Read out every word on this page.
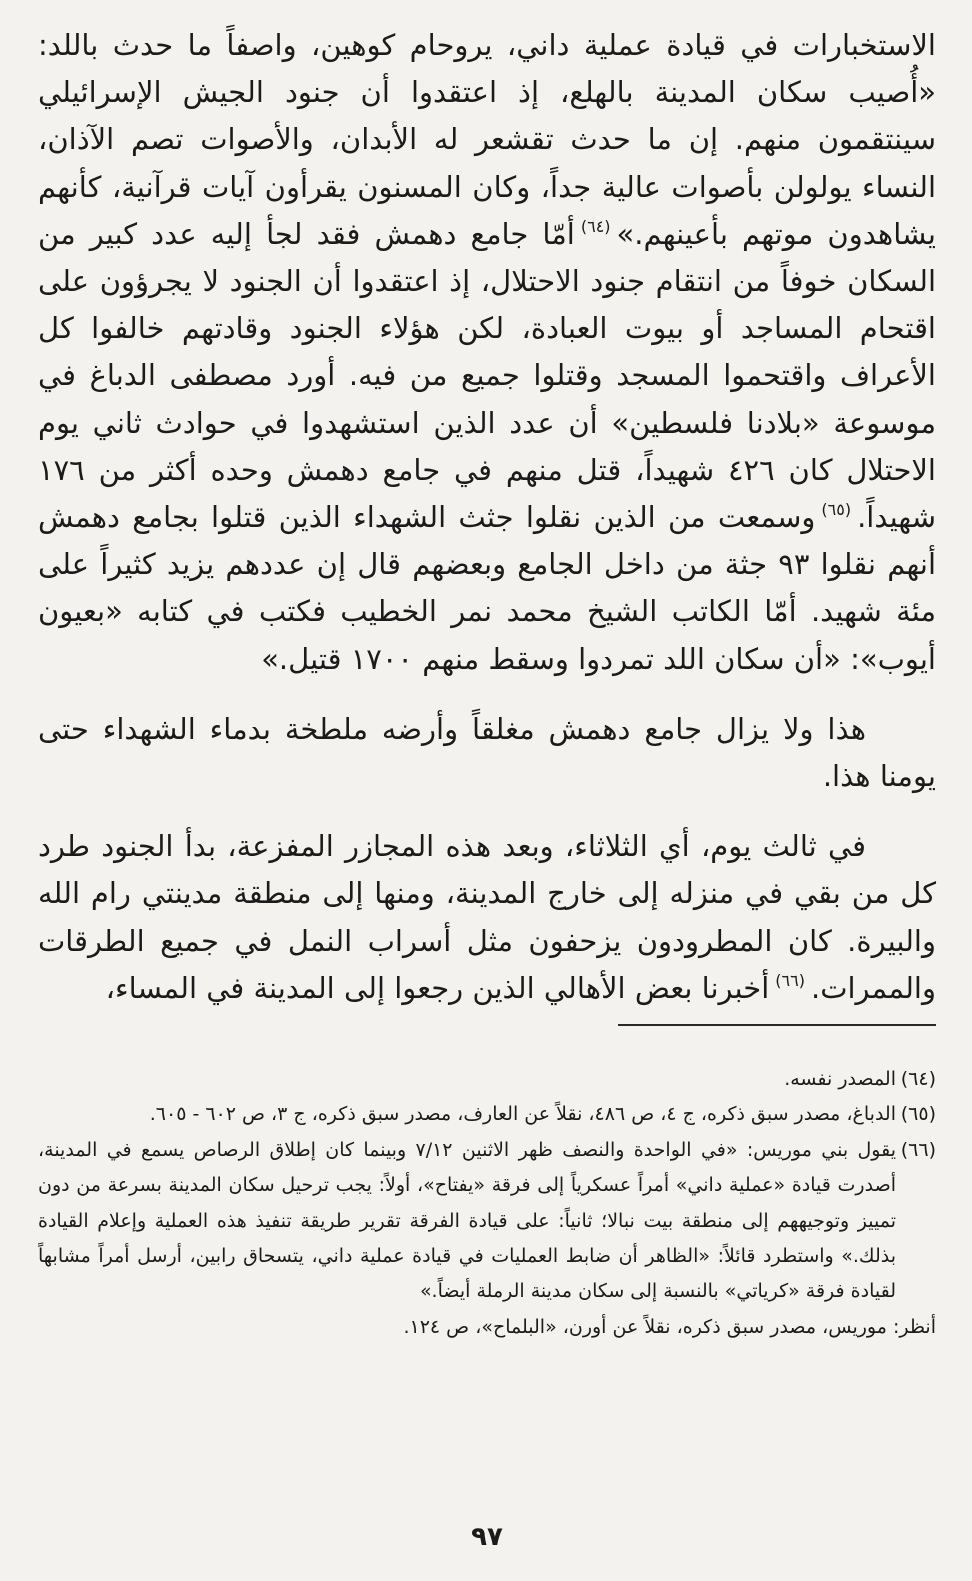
الاستخبارات في قيادة عملية داني، يروحام كوهين، واصفاً ما حدث باللد: «أُصيب سكان المدينة بالهلع، إذ اعتقدوا أن جنود الجيش الإسرائيلي سينتقمون منهم. إن ما حدث تقشعر له الأبدان، والأصوات تصم الآذان، النساء يولولن بأصوات عالية جداً، وكان المسنون يقرأون آيات قرآنية، كأنهم يشاهدون موتهم بأعينهم.»$^{(٦٤)}$أمّا جامع دهمش فقد لجأ إليه عدد كبير من السكان خوفاً من انتقام جنود الاحتلال، إذ اعتقدوا أن الجنود لا يجرؤون على اقتحام المساجد أو بيوت العبادة، لكن هؤلاء الجنود وقادتهم خالفوا كل الأعراف واقتحموا المسجد وقتلوا جميع من فيه. أورد مصطفى الدباغ في موسوعة «بلادنا فلسطين» أن عدد الذين استشهدوا في حوادث ثاني يوم الاحتلال كان ٤٢٦ شهيداً، قتل منهم في جامع دهمش وحده أكثر من ١٧٦ شهيداً.$^{(٦٥)}$وسمعت من الذين نقلوا جثث الشهداء الذين قتلوا بجامع دهمش أنهم نقلوا ٩٣ جثة من داخل الجامع وبعضهم قال إن عددهم يزيد كثيراً على مئة شهيد. أمّا الكاتب الشيخ محمد نمر الخطيب فكتب في كتابه «بعيون أيوب»: «أن سكان اللد تمردوا وسقط منهم ١٧٠٠ قتيل.»

هذا ولا يزال جامع دهمش مغلقاً وأرضه ملطخة بدماء الشهداء حتى يومنا هذا.

في ثالث يوم، أي الثلاثاء، وبعد هذه المجازر المفزعة، بدأ الجنود طرد كل من بقي في منزله إلى خارج المدينة، ومنها إلى منطقة مدينتي رام الله والبيرة. كان المطرودون يزحفون مثل أسراب النمل في جميع الطرقات والممرات.$^{(٦٦)}$أخبرنا بعض الأهالي الذين رجعوا إلى المدينة في المساء،

(٦٤)المصدر نفسه.

(٦٥)الدباغ، مصدر سبق ذكره، ج ٤، ص ٤٨٦، نقلاً عن العارف، مصدر سبق ذكره، ج ٣، ص ٦٠٢ - ٦٠٥.

(٦٦)يقول بني موريس: «في الواحدة والنصف ظهر الاثنين ٧/١٢ وبينما كان إطلاق الرصاص يسمع في المدينة، أصدرت قيادة «عملية داني» أمراً عسكرياً إلى فرقة «يفتاح»، أولاً: يجب ترحيل سكان المدينة بسرعة من دون تمييز وتوجيههم إلى منطقة بيت نبالا؛ ثانياً: على قيادة الفرقة تقرير طريقة تنفيذ هذه العملية وإعلام القيادة بذلك.» واستطرد قائلاً: «الظاهر أن ضابط العمليات في قيادة عملية داني، يتسحاق رابين، أرسل أمراً مشابهاً لقيادة فرقة «كرياتي» بالنسبة إلى سكان مدينة الرملة أيضاً.»

أنظر: موريس، مصدر سبق ذكره، نقلاً عن أورن، «البلماح»، ص ١٢٤.

٩٧
